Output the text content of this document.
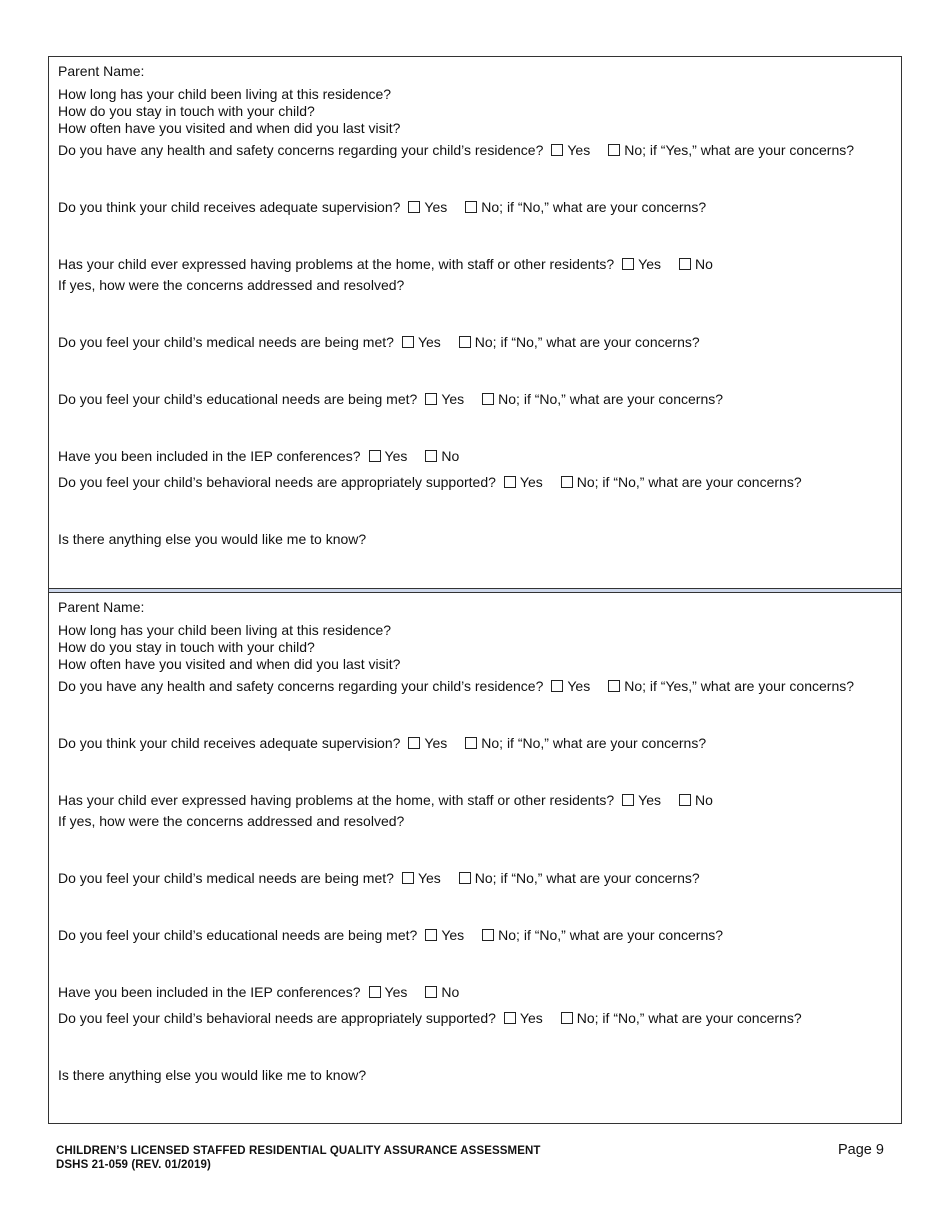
Parent Name:
How long has your child been living at this residence?
How do you stay in touch with your child?
How often have you visited and when did you last visit?
Do you have any health and safety concerns regarding your child’s residence? Yes No; if “Yes,” what are your concerns?
Do you think your child receives adequate supervision? Yes No; if “No,” what are your concerns?
Has your child ever expressed having problems at the home, with staff or other residents? Yes No
If yes, how were the concerns addressed and resolved?
Do you feel your child’s medical needs are being met? Yes No; if “No,” what are your concerns?
Do you feel your child’s educational needs are being met? Yes No; if “No,” what are your concerns?
Have you been included in the IEP conferences? Yes No
Do you feel your child’s behavioral needs are appropriately supported? Yes No; if “No,” what are your concerns?
Is there anything else you would like me to know?
Parent Name:
How long has your child been living at this residence?
How do you stay in touch with your child?
How often have you visited and when did you last visit?
Do you have any health and safety concerns regarding your child’s residence? Yes No; if “Yes,” what are your concerns?
Do you think your child receives adequate supervision? Yes No; if “No,” what are your concerns?
Has your child ever expressed having problems at the home, with staff or other residents? Yes No
If yes, how were the concerns addressed and resolved?
Do you feel your child’s medical needs are being met? Yes No; if “No,” what are your concerns?
Do you feel your child’s educational needs are being met? Yes No; if “No,” what are your concerns?
Have you been included in the IEP conferences? Yes No
Do you feel your child’s behavioral needs are appropriately supported? Yes No; if “No,” what are your concerns?
Is there anything else you would like me to know?
CHILDREN’S LICENSED STAFFED RESIDENTIAL QUALITY ASSURANCE ASSESSMENT
DSHS 21-059 (REV. 01/2019)
Page 9
